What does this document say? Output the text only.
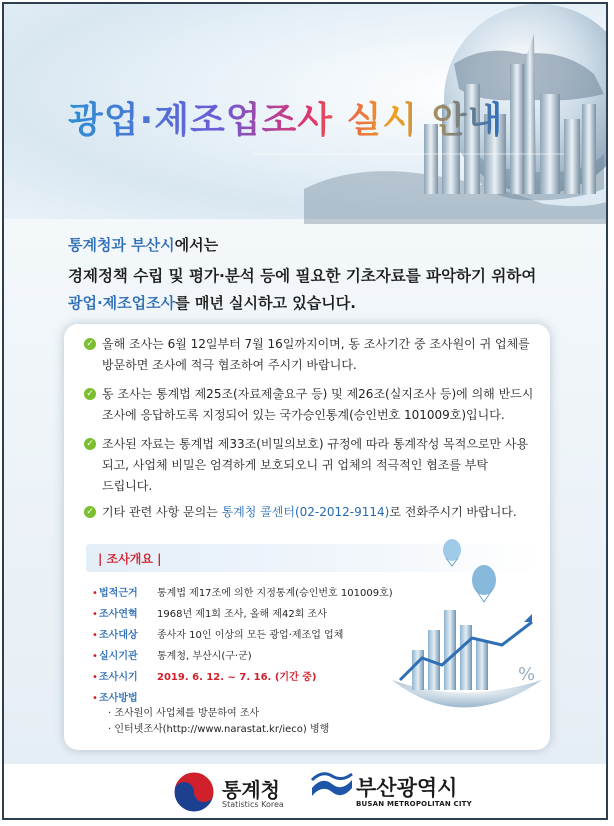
광업·제조업조사 실시 안내
통계청과 부산시에서는
경제정책 수립 및 평가·분석 등에 필요한 기초자료를 파악하기 위하여
광업·제조업조사를 매년 실시하고 있습니다.
✓ 올해 조사는 6월 12일부터 7월 16일까지이며, 동 조사기간 중 조사원이 귀 업체를
방문하면 조사에 적극 협조하여 주시기 바랍니다.
✓ 동 조사는 통계법 제25조(자료제출요구 등) 및 제26조(실지조사 등)에 의해 반드시
조사에 응답하도록 지정되어 있는 국가승인통계(승인번호 101009호)입니다.
✓ 조사된 자료는 통계법 제33조(비밀의보호) 규정에 따라 통계작성 목적으로만 사용
되고, 사업체 비밀은 엄격하게 보호되오니 귀 업체의 적극적인 협조를 부탁
드립니다.
✓ 기타 관련 사항 문의는 통계청 콜센터(02-2012-9114)로 전화주시기 바랍니다.
| 조사개요 |
•법적근거 통계법 제17조에 의한 지정통계(승인번호 101009호)
•조사연혁 1968년 제1회 조사, 올해 제42회 조사
•조사대상 종사자 10인 이상의 모든 광업·제조업 업체
•실시기관 통계청, 부산시(구·군)
•조사시기 2019. 6. 12. ~ 7. 16. (기간 중)
•조사방법
· 조사원이 사업체를 방문하여 조사
· 인터넷조사(http://www.narastat.kr/ieco) 병행
%
통계청
Statistics Korea
부산광역시
BUSAN METROPOLITAN CITY
